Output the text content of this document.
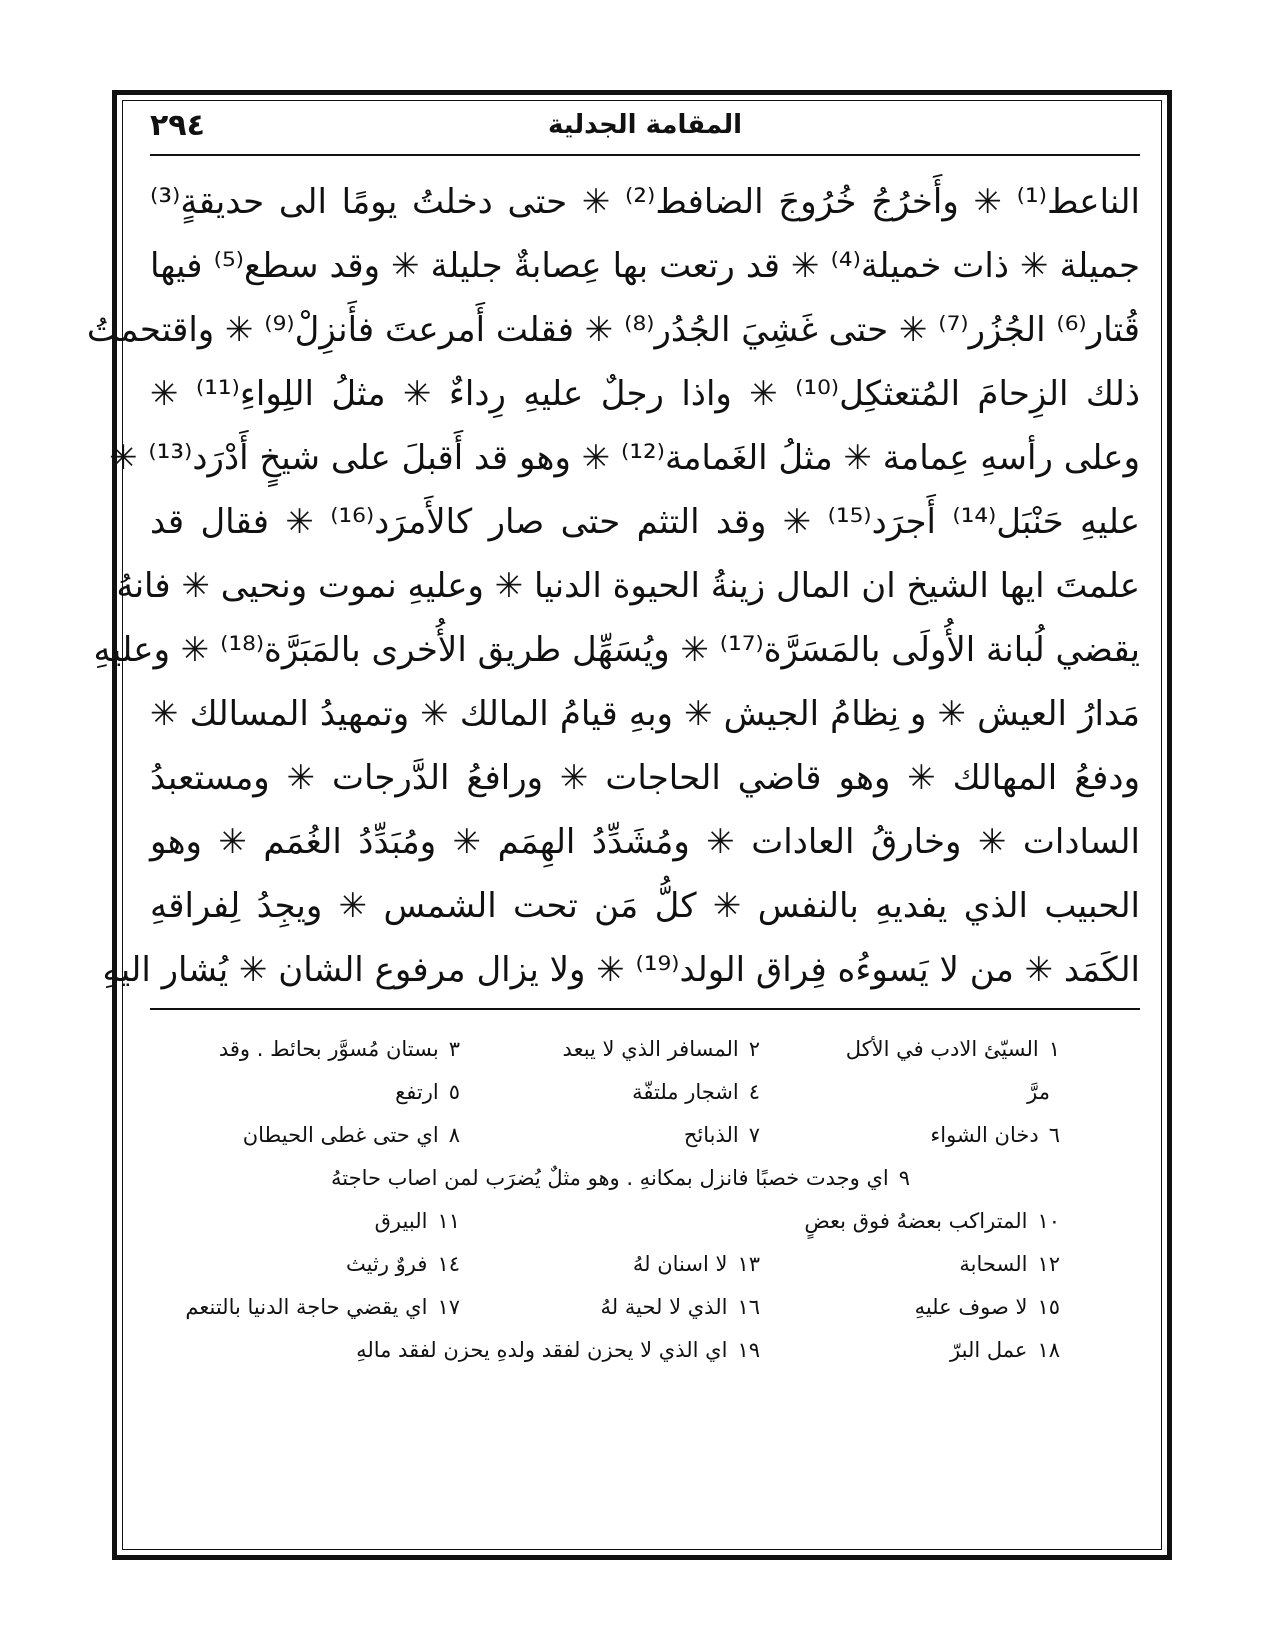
٢٩٤	المقامة الجدلية
الناعط⁽¹⁾ ✳ وأَخرُجُ خُرُوجَ الضافط⁽²⁾ ✳ حتى دخلتُ يومًا الى حديقةٍ⁽³⁾
جميلة ✳ ذات خميلة⁽⁴⁾ ✳ قد رتعت بها عِصابةٌ جليلة ✳ وقد سطع⁽⁵⁾ فيها
قُتار⁽⁶⁾ الجُزُر⁽⁷⁾ ✳ حتى غَشِيَ الجُدُر⁽⁸⁾ ✳ فقلت أَمرعتَ فأَنزِلْ⁽⁹⁾ ✳ واقتحمتُ
ذلك الزِحامَ المُتعثكِل⁽¹⁰⁾ ✳ واذا رجلٌ عليهِ رِداءٌ ✳ مثلُ اللِواءِ⁽¹¹⁾ ✳
وعلى رأسهِ عِمامة ✳ مثلُ الغَمامة⁽¹²⁾ ✳ وهو قد أَقبلَ على شيخٍ أَدْرَد⁽¹³⁾ ✳
عليهِ حَنْبَل⁽¹⁴⁾ أَجرَد⁽¹⁵⁾ ✳ وقد التثم حتى صار كالأَمرَد⁽¹⁶⁾ ✳ فقال قد
علمتَ ايها الشيخ ان المال زينةُ الحيوة الدنيا ✳ وعليهِ نموت ونحيى ✳ فانهُ
يقضي لُبانة الأُولَى بالمَسَرَّة⁽¹⁷⁾ ✳ ويُسَهِّل طريق الأُخرى بالمَبَرَّة⁽¹⁸⁾ ✳ وعليهِ
مَدارُ العيش ✳ و نِظامُ الجيش ✳ وبهِ قيامُ المالك ✳ وتمهيدُ المسالك ✳
ودفعُ المهالك ✳ وهو قاضي الحاجات ✳ ورافعُ الدَّرجات ✳ ومستعبدُ
السادات ✳ وخارقُ العادات ✳ ومُشَدِّدُ الهِمَم ✳ ومُبَدِّدُ الغُمَم ✳ وهو
الحبيب الذي يفديهِ بالنفس ✳ كلُّ مَن تحت الشمس ✳ ويجِدُ لِفراقهِ
الكَمَد ✳ من لا يَسوءُه فِراق الولد⁽¹⁹⁾ ✳ ولا يزال مرفوع الشان ✳ يُشار اليهِ
١السيّئ الادب في الأكل
٢المسافر الذي لا يبعد
٣بستان مُسوَّر بحائط . وقد
مرَّ
٤اشجار ملتفّة
٥ارتفع
٦دخان الشواء
٧الذبائح
٨اي حتى غطى الحيطان
٩اي وجدت خصبًا فانزل بمكانهِ . وهو مثلٌ يُضرَب لمن اصاب حاجتهُ
١٠المتراكب بعضهُ فوق بعضٍ
١١البيرق
١٢السحابة
١٣لا اسنان لهُ
١٤فروٌ رثيث
١٥لا صوف عليهِ
١٦الذي لا لحية لهُ
١٧اي يقضي حاجة الدنيا بالتنعم
١٨عمل البرّ
١٩اي الذي لا يحزن لفقد ولدهِ يحزن لفقد مالهِ
